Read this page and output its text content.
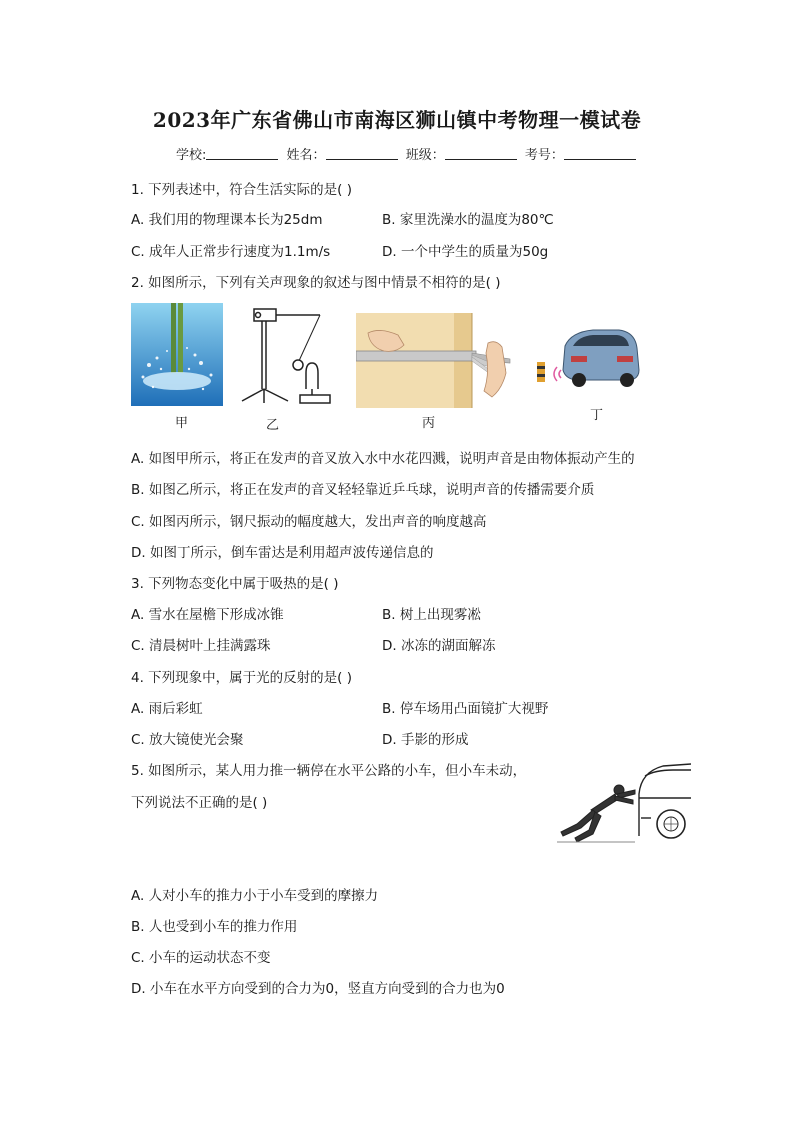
2023年广东省佛山市南海区狮山镇中考物理一模试卷
学校:	姓名：	班级：	考号：
1. 下列表述中，符合生活实际的是( )
A. 我们用的物理课本长为25dm	B. 家里洗澡水的温度为80℃
C. 成年人正常步行速度为1.1m/s	D. 一个中学生的质量为50g
2. 如图所示，下列有关声现象的叙述与图中情景不相符的是( )
甲	乙	丙
丁
A. 如图甲所示，将正在发声的音叉放入水中水花四溅，说明声音是由物体振动产生的
B. 如图乙所示，将正在发声的音叉轻轻靠近乒乓球，说明声音的传播需要介质
C. 如图丙所示，钢尺振动的幅度越大，发出声音的响度越高
D. 如图丁所示，倒车雷达是利用超声波传递信息的
3. 下列物态变化中属于吸热的是( )
A. 雪水在屋檐下形成冰锥	B. 树上出现雾凇
C. 清晨树叶上挂满露珠	D. 冰冻的湖面解冻
4. 下列现象中，属于光的反射的是( )
A. 雨后彩虹	B. 停车场用凸面镜扩大视野
C. 放大镜使光会聚	D. 手影的形成
5. 如图所示，某人用力推一辆停在水平公路的小车，但小车未动，
下列说法不正确的是( )
A. 人对小车的推力小于小车受到的摩擦力
B. 人也受到小车的推力作用
C. 小车的运动状态不变
D. 小车在水平方向受到的合力为0，竖直方向受到的合力也为0
